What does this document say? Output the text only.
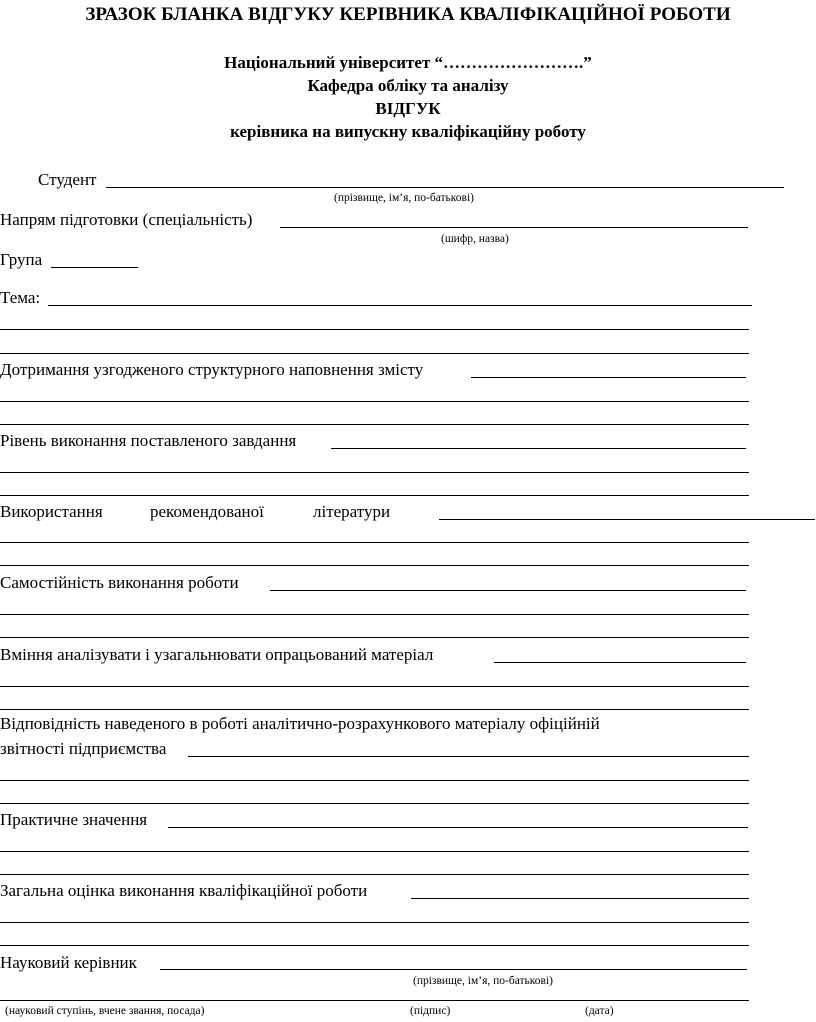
ЗРАЗОК БЛАНКА ВІДГУКУ КЕРІВНИКА КВАЛІФІКАЦІЙНОЇ РОБОТИ
Національний університет “…………………….”
Кафедра обліку та аналізу
ВІДГУК
керівника на випускну кваліфікаційну роботу
Студент
(прізвище, ім’я, по-батькові)
Напрям підготовки (спеціальність)
(шифр, назва)
Група
Тема:
Дотримання узгодженого структурного наповнення змісту
Рівень виконання поставленого завдання
Використання	рекомендованої	літератури
Самостійність виконання роботи
Вміння аналізувати і узагальнювати опрацьований матеріал
Відповідність наведеного в роботі аналітично-розрахункового матеріалу офіційній
звітності підприємства
Практичне значення
Загальна оцінка виконання кваліфікаційної роботи
Науковий керівник
(прізвище, ім’я, по-батькові)
(науковий ступінь, вчене звання, посада)	(підпис)	(дата)
